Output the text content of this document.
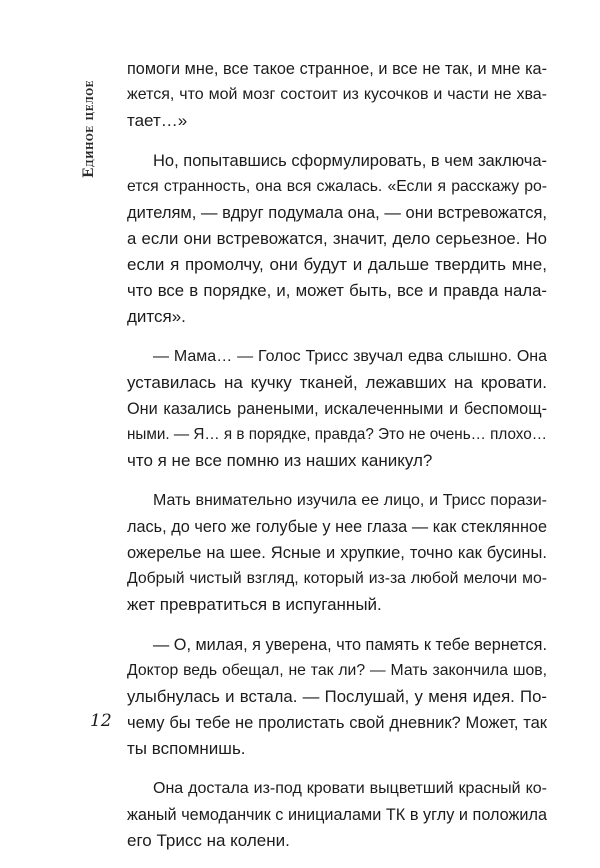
Единое целое

помоги мне, все такое странное, и все не так, и мне ка-
жется, что мой мозг состоит из кусочков и части не хва-
тает…»

Но, попытавшись сформулировать, в чем заключа-
ется странность, она вся сжалась. «Если я расскажу ро-
дителям, — вдруг подумала она, — они встревожатся,
а если они встревожатся, значит, дело серьезное. Но
если я промолчу, они будут и дальше твердить мне,
что все в порядке, и, может быть, все и правда нала-
дится».

— Мама… — Голос Трисс звучал едва слышно. Она
уставилась на кучку тканей, лежавших на кровати.
Они казались ранеными, искалеченными и беспомощ-
ными. — Я… я в порядке, правда? Это не очень… плохо…
что я не все помню из наших каникул?

Мать внимательно изучила ее лицо, и Трисс порази-
лась, до чего же голубые у нее глаза — как стеклянное
ожерелье на шее. Ясные и хрупкие, точно как бусины.
Добрый чистый взгляд, который из-за любой мелочи мо-
жет превратиться в испуганный.

— О, милая, я уверена, что память к тебе вернется.
Доктор ведь обещал, не так ли? — Мать закончила шов,
улыбнулась и встала. — Послушай, у меня идея. По-
чему бы тебе не пролистать свой дневник? Может, так
ты вспомнишь.

Она достала из-под кровати выцветший красный ко-
жаный чемоданчик с инициалами ТК в углу и положила
его Трисс на колени.

12
